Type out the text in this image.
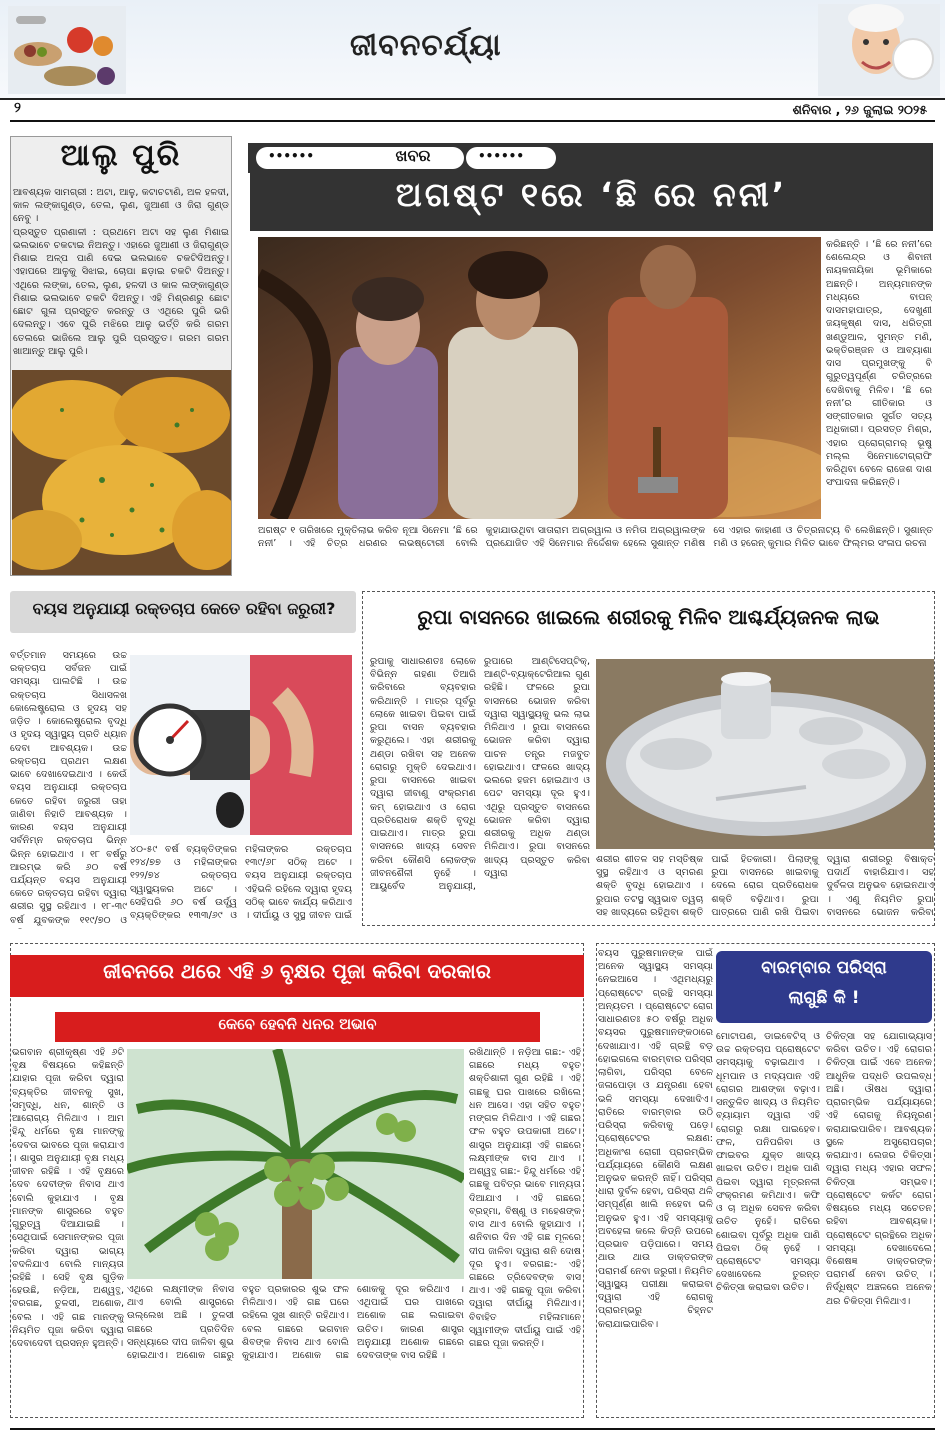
ଜୀବନଚର୍ଯ୍ୟା
୨	ଶନିବାର , ୨୬ ଜୁଲାଇ ୨୦୨୫
ଆଲୁ ପୁରି

ଆବଶ୍ୟକ ସାମଗ୍ରୀ : ଅଟା, ଆଳୁ, କଟାଚଟାଣି, ଅଳ ହଳଦୀ, କାଳ ଲଙ୍କାଗୁଣ୍ଡ, ତେଲ, ଲୁଣ, ଜୁଆଣୀ ଓ ଜିରା ଗୁଣ୍ଡ ନେବୁ ।

ପ୍ରସ୍ତୁତ ପ୍ରଣାଳୀ : ପ୍ରଥମେ ଅଟା ସହ ଲୁଣ ମିଶାଇ ଭଲଭାବେ ଚକଟାଇ ନିଅନ୍ତୁ। ଏହାରେ ଜୁଆଣୀ ଓ ଜିରାଗୁଣ୍ଡ ମିଶାଇ ଅଳ୍ପ ପାଣି ଦେଇ ଭଲଭାବେ ଚକଟିଦିଅନ୍ତୁ। ଏହାପରେ ଆଳୁକୁ ସିଝାଇ, ଚୋପା ଛଡ଼ାଇ ଚକଟି ଦିଅନ୍ତୁ। ଏଥିରେ ଲଙ୍କା, ତେଲ, ଲୁଣ, ହଳଦୀ ଓ କାଳ ଲଙ୍କାଗୁଣ୍ଡ ମିଶାଇ ଭଲଭାବେ ଚକଟି ଦିଅନ୍ତୁ। ଏହି ମିଶ୍ରଣରୁ ଛୋଟ ଛୋଟ ଗୁଳା ପ୍ରସ୍ତୁତ କରନ୍ତୁ ଓ ଏଥିରେ ପୁରି ଭରି ଦେଲନ୍ତୁ। ଏବେ ପୁରି ମଝିରେ ଆଳୁ ଭର୍ତ୍ତି କରି ଗରମ ତେଲରେ ଭାଜିଲେ ଆଲୁ ପୁରି ପ୍ରସ୍ତୁତ। ଗରମ ଗରମ ଖାଆନ୍ତୁ ଆଲୁ ପୁରି।

••••••	ଖବର	••••••
ଅଗଷ୍ଟ ୧ରେ ‘ଛି ରେ ନନୀ’
କରିଛନ୍ତି । ‘ଛି ରେ ନନୀ’ରେ ଶେଲେନ୍ଦ୍ର ଓ ଶିବାନୀ ନାୟକନାୟିକା ଭୂମିକାରେ ଅଛନ୍ତି। ଅନ୍ୟମାନଙ୍କ ମଧ୍ୟରେ ବାପନ୍ ଦାସମହାପାତ୍ର, ଦେଖୁଣୀ ଜୟକୃଷ୍ଣ ଦାସ, ଧରିତ୍ରୀ ଖଣ୍ଡୁଆଳ, ସୁମନ୍ତ ମଣି, ଭକ୍ତିରଞ୍ଜନ ଓ ଆବ୍ୟାଶା ଦାସ ପ୍ରମୁଖଙ୍କୁ ବି ଗୁରୁତ୍ୱପୂର୍ଣ୍ଣ ଚରିତ୍ରରେ ଦେଖିବାକୁ ମିଳିବ। ‘ଛି ରେ ନନୀ’ର ଗୀତିକାର ଓ ସଙ୍ଗୀତକାର ସୁର୍ଗତ ସତ୍ୟ ଅଧିକାରୀ। ପ୍ରସତ୍ତ ମିଶ୍ର, ଏହାର ପ୍ରୋଗ୍ରାମର୍ ଭୂଷୁ ମଲ୍ଲ ସିନେମାଟୋଗ୍ରାଫି କରିଥିବା ବେଳେ ରାଜେଶ ଦାଶ ସଂପାଦନା କରିଛନ୍ତି।
ଅଗଷ୍ଟ ୧ ତାରିଖରେ ମୁକ୍ତିଲାଭ କରିବ ନୂଆ ସିନେମା ‘ଛି ରେ ନନୀ’ । ଏହି ଚିତ୍ର ଧରଣର ଲଭଷ୍ଟୋରୀ ବୋଲି କୁହାଯାଉଥିବା ସାତାରାମ ଅଗ୍ରୱାଲ ଓ ନମିତା ଅଗ୍ରୱାଲଙ୍କ ପ୍ରଯୋଜିତ ଏହି ସିନେମାର ନିର୍ଦ୍ଦେଶକ ହେଲେ ସୁଶାନ୍ତ ମଣିଷ ସେ ଏହାର କାହାଣୀ ଓ ଚିତ୍ରନାଟ୍ୟ ବି ଲେଖିଛନ୍ତି। ସୁଶାନ୍ତ ମଣି ଓ ହରେନ୍ କୁମାର ମିଳିତ ଭାବେ ଫିଲ୍ମର ସଂଳାପ ରଚନା
ବୟସ ଅନୁଯାୟୀ ରକ୍ତଚାପ କେତେ ରହିବା ଜରୁରୀ?
ବର୍ତ୍ତମାନ ସମୟରେ ଉଚ୍ଚ ରକ୍ତଚାପ ସର୍ବଜନ ପାଇଁ ସମସ୍ୟା ପାଲଟିଛି । ଉଚ୍ଚ ରକ୍ତଚାପ ସିଧାସଳଖ କୋଲେଷ୍ଟ୍ରୋଲ ଓ ହୃଦୟ ସହ ଜଡ଼ିତ । କୋଲେଷ୍ଟ୍ରୋଲ ବୃଦ୍ଧି ଓ ହୃଦୟ ସ୍ୱାସ୍ଥ୍ୟ ପ୍ରତି ଧ୍ୟାନ ଦେବା ଆବଶ୍ୟକ। ଉଚ୍ଚ ରକ୍ତଚାପ ପ୍ରଥମ ଲକ୍ଷଣ ଭାବେ ଦେଖାଦେଇଥାଏ । କେଉଁ ବୟସ ଅନୁଯାୟୀ ରକ୍ତଚାପ କେତେ ରହିବା ଜରୁରୀ ତାହା ଜାଣିବା ନିହାତି ଆବଶ୍ୟକ । କାରଣ ବୟସ ଅନୁଯାୟୀ ସର୍ବନିମ୍ନ ରକ୍ତଚାପ ଭିନ୍ନ ଭିନ୍ନ ହୋଇଥାଏ । ୧୮ ବର୍ଷରୁ ଆରମ୍ଭ କରି ୬୦ ବର୍ଷ ପର୍ଯ୍ୟନ୍ତ ବୟସ ଅନୁଯାୟୀ କେତେ ରକ୍ତଚାପ ରହିବା ଦ୍ୱାରା ଶରୀର ସୁସ୍ଥ ରହିଥାଏ । ୧୮-୩୯ ବର୍ଷ ଯୁବକଙ୍କ ୧୧୯/୭୦ ଓ
୪୦-୫୯ ବର୍ଷ ବ୍ୟକ୍ତିଙ୍କର ୧୨୪/୭୭ ଓ ମହିଳାଙ୍କର ୧୨୨/୭୪ ରକ୍ତଚାପ ସ୍ୱାସ୍ଥ୍ୟକର ଅଟେ । ସେହିପରି ୬୦ ବର୍ଷ ଉର୍ଦ୍ଧ୍ୱ ବ୍ୟକ୍ତିଙ୍କର ୧୩୩/୬୯ ଓ ମହିଳାଙ୍କର ରକ୍ତଚାପ ୧୩୯/୬୮ ସଠିକ୍ ଅଟେ । ବୟସ ଅନୁଯାୟୀ ରକ୍ତଚାପ ଏହିଭଳି ରହିଲେ ଦ୍ୱାରା ହୃଦୟ ସଠିକ୍ ଭାବେ କାର୍ଯ୍ୟ କରିଥାଏ । ଦୀର୍ଘାୟୁ ଓ ସୁସ୍ଥ ଜୀବନ ପାଇଁ
ରୁପା ବାସନରେ ଖାଇଲେ ଶରୀରକୁ ମିଳିବ ଆଶ୍ଚର୍ଯ୍ୟଜନକ ଲାଭ
ରୁପାକୁ ସାଧାରଣତଃ ଲୋକେ ବିଭିନ୍ନ ଗହଣା ତିଆରି କରିବାରେ ବ୍ୟବହାର କରିଥାନ୍ତି । ମାତ୍ର ପୂର୍ବରୁ ଲୋକେ ଖାଇବା ପିଇବା ପାଇଁ ରୁପା ବାସନ ବ୍ୟବହାର କରୁଥିଲେ। ଏହା ଶରୀରକୁ ଥଣ୍ଡା ରଖିବା ସହ ଅନେକ ରୋଗରୁ ମୁକ୍ତି ଦେଇଥାଏ। ରୁପା ବାସନରେ ଖାଇବା ଦ୍ୱାରା ଜୀବାଣୁ ସଂକ୍ରମଣ କମ୍ ହୋଇଥାଏ ଓ ରୋଗ ପ୍ରତିରୋଧକ ଶକ୍ତି ବୃଦ୍ଧି ପାଇଥାଏ। ମାତ୍ର ରୁପା ବାସନରେ ଖାଦ୍ୟ ସେବନ କରିବା କୌଣସି ଲୋକଙ୍କ ଜୀବନଶୈଳୀ ନୁହେଁ । ଆୟୁର୍ବେଦ ଅନୁଯାୟୀ, ରୁପାରେ ଆଣ୍ଟିସେପ୍ଟିକ୍, ଆଣ୍ଟି-ବ୍ୟାକ୍ଟେରିଆଲ ଗୁଣ ରହିଛି। ଫଳରେ ରୁପା ବାସନରେ ଭୋଜନ କରିବା ଦ୍ୱାରା ସ୍ୱାସ୍ଥ୍ୟକୁ ଭଲ ଲାଭ ମିଳିଥାଏ । ରୁପା ବାସନରେ ଭୋଜନ କରିବା ଦ୍ୱାରା ପାଚନ ତନ୍ତ୍ର ମଜବୁତ ହୋଇଥାଏ। ଫଳରେ ଖାଦ୍ୟ ଭଲରେ ହଜମ ହୋଇଥାଏ ଓ ପେଟ ସମସ୍ୟା ଦୂର ହୁଏ। ଏଥିରୁ ପ୍ରସ୍ତୁତ ବାସନରେ ଭୋଜନ କରିବା ଦ୍ୱାରା ଶରୀରକୁ ଅଧିକ ଥଣ୍ଡା ମିଳିଥାଏ। ରୁପା ବାସନରେ ଖାଦ୍ୟ ପ୍ରସ୍ତୁତ କରିବା ଦ୍ୱାରା
ଶରୀର ଶୀତଳ ସହ ମସ୍ତିଷ୍କ ସୁସ୍ଥ ରହିଥାଏ ଓ ସ୍ମରଣ ଶକ୍ତି ବୃଦ୍ଧି ହୋଇଥାଏ । ରୁପାର ତଟସ୍ଥ ସ୍ୱଭାବ ତ୍ୱଚା ସହ ଖାଦ୍ୟରେ ରହିଥିବା ଶକ୍ତି ପାଇଁ ହିତକାରୀ। ପିଲାଙ୍କୁ ରୁପା ବାସନରେ ଖାଇବାକୁ ଦେଲେ ରୋଗ ପ୍ରତିରୋଧକ ଶକ୍ତି ବଢ଼ିଥାଏ। ରୁପା ପାତ୍ରରେ ପାଣି ରଖି ପିଇବା ଦ୍ୱାରା ଶରୀରରୁ ବିଷାକ୍ତ ପଦାର୍ଥ ବାହାରିଯାଏ। ସହ ଦୁର୍ବଳତା ଅନୁଭବ ହୋଇନଥାଏ । ଏଣୁ ନିୟମିତ ରୁପା ବାସନରେ ଭୋଜନ କରିବା
ଜୀବନରେ ଥରେ ଏହି ୬ ବୃକ୍ଷର ପୂଜା କରିବା ଦରକାର
କେବେ ହେବନି ଧନର ଅଭାବ
ଭଗବାନ ଶ୍ରୀକୃଷ୍ଣ ଏହି ୬ଟି ବୃକ୍ଷ ବିଷୟରେ କହିଛନ୍ତି ଯାହାର ପୂଜା କରିବା ଦ୍ୱାରା ବ୍ୟକ୍ତିର ଜୀବନକୁ ସୁଖ, ସମୃଦ୍ଧି, ଧନ, ଶାନ୍ତି ଓ ଆରୋଗ୍ୟ ମିଳିଥାଏ । ଆମ ହିନ୍ଦୁ ଧର୍ମରେ ବୃକ୍ଷ ମାନଙ୍କୁ ଦେବତା ଭାବରେ ପୂଜା କରାଯାଏ । ଶାସ୍ତ୍ର ଅନୁଯାୟୀ ବୃକ୍ଷ ମଧ୍ୟ ଜୀବନ ରହିଛି । ଏହି ବୃକ୍ଷରେ ଦେବ ଦେବୀଙ୍କ ନିବାସ ଥାଏ ବୋଲି କୁହାଯାଏ । ବୃକ୍ଷ ମାନଙ୍କ ଶାସ୍ତ୍ରରେ ବହୁତ ଗୁରୁତ୍ୱ ଦିଆଯାଇଛି । ସେଥିପାଇଁ ସେମାନଙ୍କର ପୂଜା କରିବା ଦ୍ୱାରା ଭାଗ୍ୟ ବଦଳିଯାଏ ବୋଲି ମାନ୍ୟତା ରହିଛି । ସେହି ବୃକ୍ଷ ଗୁଡ଼ିକ ହେଉଛି, ନଡ଼ିଆ, ଅଶ୍ୱତ୍ଥ, ବରଗଛ, ତୁଳସୀ, ଅଶୋକ, ବେଲ । ଏହି ଗଛ ମାନଙ୍କୁ ନିୟମିତ ପୂଜା କରିବା ଦ୍ୱାରା ଦେବାଦେବୀ ପ୍ରସନ୍ନ ହୁଅନ୍ତି।
ଏଥିରେ ଲକ୍ଷ୍ମୀଙ୍କ ନିବାସ ଥାଏ ବୋଲି ଶାସ୍ତ୍ରରେ ଉଲ୍ଲେଖ ଅଛି । ତୁଳସୀ ଗଛରେ ପ୍ରତିଦିନ ସନ୍ଧ୍ୟାରେ ଦୀପ ଜାଳିବା ଶୁଭ ହୋଇଥାଏ। ଅଶୋକ ଗଛରୁ ବହୁତ ପ୍ରକାରର ଶୁଭ ଫଳ ମିଳିଥାଏ। ଏହି ଗଛ ଘରେ ରହିଲେ ସୁଖ ଶାନ୍ତି ରହିଥାଏ। ବେଲ ଗଛରେ ଭଗବାନ ଶିବଙ୍କ ନିବାସ ଥାଏ ବୋଲି କୁହାଯାଏ। ଅଶୋକ ଗଛ ଶୋକକୁ ଦୂର କରିଥାଏ । ଏଥିପାଇଁ ଘର ପାଖରେ ଅଶୋକ ଗଛ ଲଗାଇବା ଉଚିତ। କାରଣ ଶାସ୍ତ୍ର ଅନୁଯାୟୀ ଅଶୋକ ଗଛରେ ଦେବତାଙ୍କ ବାସ ରହିଛି ।
ରଖିଥାନ୍ତି । ନଡ଼ିଆ ଗଛ:- ଏହି ଗଛରେ ମଧ୍ୟ ବହୁତ ଶକ୍ତିଶାଳୀ ଗୁଣ ରହିଛି । ଏହି ଗଛକୁ ଘର ପାଖରେ ରଖିଲେ ଧନ ଆସେ। ଏହା ସହିତ ବହୁତ ମଙ୍ଗଳ ମିଳିଥାଏ । ଏହି ଗଛର ଫଳ ବହୁତ ଉପକାରୀ ଅଟେ। ଶାସ୍ତ୍ର ଅନୁଯାୟୀ ଏହି ଗଛରେ ଲକ୍ଷ୍ମୀଙ୍କ ବାସ ଥାଏ । ଅଶ୍ୱତ୍ଥ ଗଛ:- ହିନ୍ଦୁ ଧର୍ମରେ ଏହି ଗଛକୁ ପବିତ୍ର ଭାବେ ମାନ୍ୟତା ଦିଆଯାଏ । ଏହି ଗଛରେ ବ୍ରହ୍ମା, ବିଷ୍ଣୁ ଓ ମହେଶଙ୍କ ବାସ ଥାଏ ବୋଲି କୁହାଯାଏ । ଶନିବାର ଦିନ ଏହି ଗଛ ମୂଳରେ ଦୀପ ଜାଳିବା ଦ୍ୱାରା ଶନି ଦୋଷ ଦୂର ହୁଏ। ବରଗଛ:- ଏହି ଗଛରେ ତ୍ରିଦେବଙ୍କ ବାସ ଥାଏ। ଏହି ଗଛକୁ ପୂଜା କରିବା ଦ୍ୱାରା ଦୀର୍ଘାୟୁ ମିଳିଥାଏ। ବିବାହିତ ମହିଳାମାନେ ସ୍ୱାମୀଙ୍କ ଦୀର୍ଘାୟୁ ପାଇଁ ଏହି ଗଛର ପୂଜା କରନ୍ତି।
ବୟସ ପୁରୁଷମାନଙ୍କ ପାଇଁ ଅନେକ ସ୍ୱାସ୍ଥ୍ୟ ସମସ୍ୟା ନେଇଆସେ । ଏଥିମଧ୍ୟରୁ ପ୍ରୋଷ୍ଟେଟ ଗ୍ରନ୍ଥି ସମସ୍ୟା ଅନ୍ୟତମ । ପ୍ରୋଷ୍ଟେଟ ରୋଗ ସାଧାରଣତଃ ୫୦ ବର୍ଷରୁ ଅଧିକ ବୟସର ପୁରୁଷମାନଙ୍କଠାରେ ଦେଖାଯାଏ। ଏହି ଗ୍ରନ୍ଥି ବଡ଼ ହୋଇଗଲେ ବାରମ୍ବାର ପରିସ୍ରା ଲାଗିବା, ପରିସ୍ରା ବେଳେ ଜଳାପୋଡ଼ା ଓ ଯନ୍ତ୍ରଣା ହେବା ଭଳି ସମସ୍ୟା ଦେଖାଦିଏ। ରାତିରେ ବାରମ୍ବାର ଉଠି ପରିସ୍ରା କରିବାକୁ ପଡ଼େ। ପ୍ରୋଷ୍ଟେଟର ଲକ୍ଷଣ: ଅଧିକାଂଶ ରୋଗୀ ପ୍ରାରମ୍ଭିକ ପର୍ଯ୍ୟାୟରେ କୌଣସି ଲକ୍ଷଣ ଅନୁଭବ କରନ୍ତି ନାହିଁ। ପରିସ୍ରା ଧାରା ଦୁର୍ବଳ ହେବା, ପରିସ୍ରା ଥଳି ସମ୍ପୂର୍ଣ୍ଣ ଖାଲି ନହେବା ଭଳି ଅନୁଭବ ହୁଏ। ଏହି ସମସ୍ୟାକୁ ଅବହେଳା କଲେ କିଡ୍ନି ଉପରେ ପ୍ରଭାବ ପଡ଼ିପାରେ। ସମୟ ଥାଉ ଥାଉ ଡାକ୍ତରଙ୍କ ପରାମର୍ଶ ନେବା ଜରୁରୀ। ନିୟମିତ ସ୍ୱାସ୍ଥ୍ୟ ପରୀକ୍ଷା କରାଇବା ଦ୍ୱାରା ଏହି ରୋଗକୁ ପ୍ରାରମ୍ଭରୁ ଚିହ୍ନଟ କରାଯାଇପାରିବ।
ବାରମ୍ବାର ପରିସ୍ରା
ଲାଗୁଛି କି !
ମୋଟାପଣ, ଡାଇବେଟିସ୍ ଓ ଉଚ୍ଚ ରକ୍ତଚାପ ପ୍ରୋଷ୍ଟେଟ ସମସ୍ୟାକୁ ବଢ଼ାଇଥାଏ । ଧୂମପାନ ଓ ମଦ୍ୟପାନ ଏହି ରୋଗର ଆଶଙ୍କା ବଢ଼ାଏ। ସନ୍ତୁଳିତ ଖାଦ୍ୟ ଓ ନିୟମିତ ବ୍ୟାୟାମ ଦ୍ୱାରା ଏହି ରୋଗରୁ ରକ୍ଷା ପାଇହେବ। ଫଳ, ପନିପରିବା ଓ ଫାଇବର ଯୁକ୍ତ ଖାଦ୍ୟ ଖାଇବା ଉଚିତ। ଅଧିକ ପାଣି ପିଇବା ଦ୍ୱାରା ମୂତ୍ରନଳୀ ସଂକ୍ରମଣ କମିଥାଏ। କଫି ଓ ଚା ଅଧିକ ସେବନ କରିବା ଉଚିତ ନୁହେଁ। ରାତିରେ ଶୋଇବା ପୂର୍ବରୁ ଅଧିକ ପାଣି ପିଇବା ଠିକ୍ ନୁହେଁ । ପ୍ରୋଷ୍ଟେଟ ସମସ୍ୟା ଦେଖାଦେଲେ ତୁରନ୍ତ ଚିକିତ୍ସା କରାଇବା ଉଚିତ।
ଚିକିତ୍ସା ସହ ଯୋଗାଭ୍ୟାସ କରିବା ଉଚିତ। ଏହି ରୋଗର ଚିକିତ୍ସା ପାଇଁ ଏବେ ଅନେକ ଆଧୁନିକ ପଦ୍ଧତି ଉପଲବ୍ଧ ଅଛି। ଔଷଧ ଦ୍ୱାରା ପ୍ରାରମ୍ଭିକ ପର୍ଯ୍ୟାୟରେ ଏହି ରୋଗକୁ ନିୟନ୍ତ୍ରଣ କରାଯାଇପାରିବ। ଆବଶ୍ୟକ ସ୍ଥଳେ ଅସ୍ତ୍ରୋପଚାର କରାଯାଏ। ଲେଜର ଚିକିତ୍ସା ଦ୍ୱାରା ମଧ୍ୟ ଏହାର ସଫଳ ଚିକିତ୍ସା ସମ୍ଭବ। ପ୍ରୋଷ୍ଟେଟ କର୍କଟ ରୋଗ ବିଷୟରେ ମଧ୍ୟ ସଚେତନ ରହିବା ଆବଶ୍ୟକ। ପ୍ରୋଷ୍ଟେଟ ଗ୍ରନ୍ଥିରେ ଅଧିକ ସମସ୍ୟା ଦେଖାଦେଲେ ବିଶେଷଜ୍ଞ ଡାକ୍ତରଙ୍କ ପରାମର୍ଶ ନେବା ଉଚିତ୍ । ନିର୍ଦ୍ଧିଷ୍ଟ ଅଞ୍ଚଳରେ ଅନେକ ଥର ଚିକିତ୍ସା ମିଳିଥାଏ।
